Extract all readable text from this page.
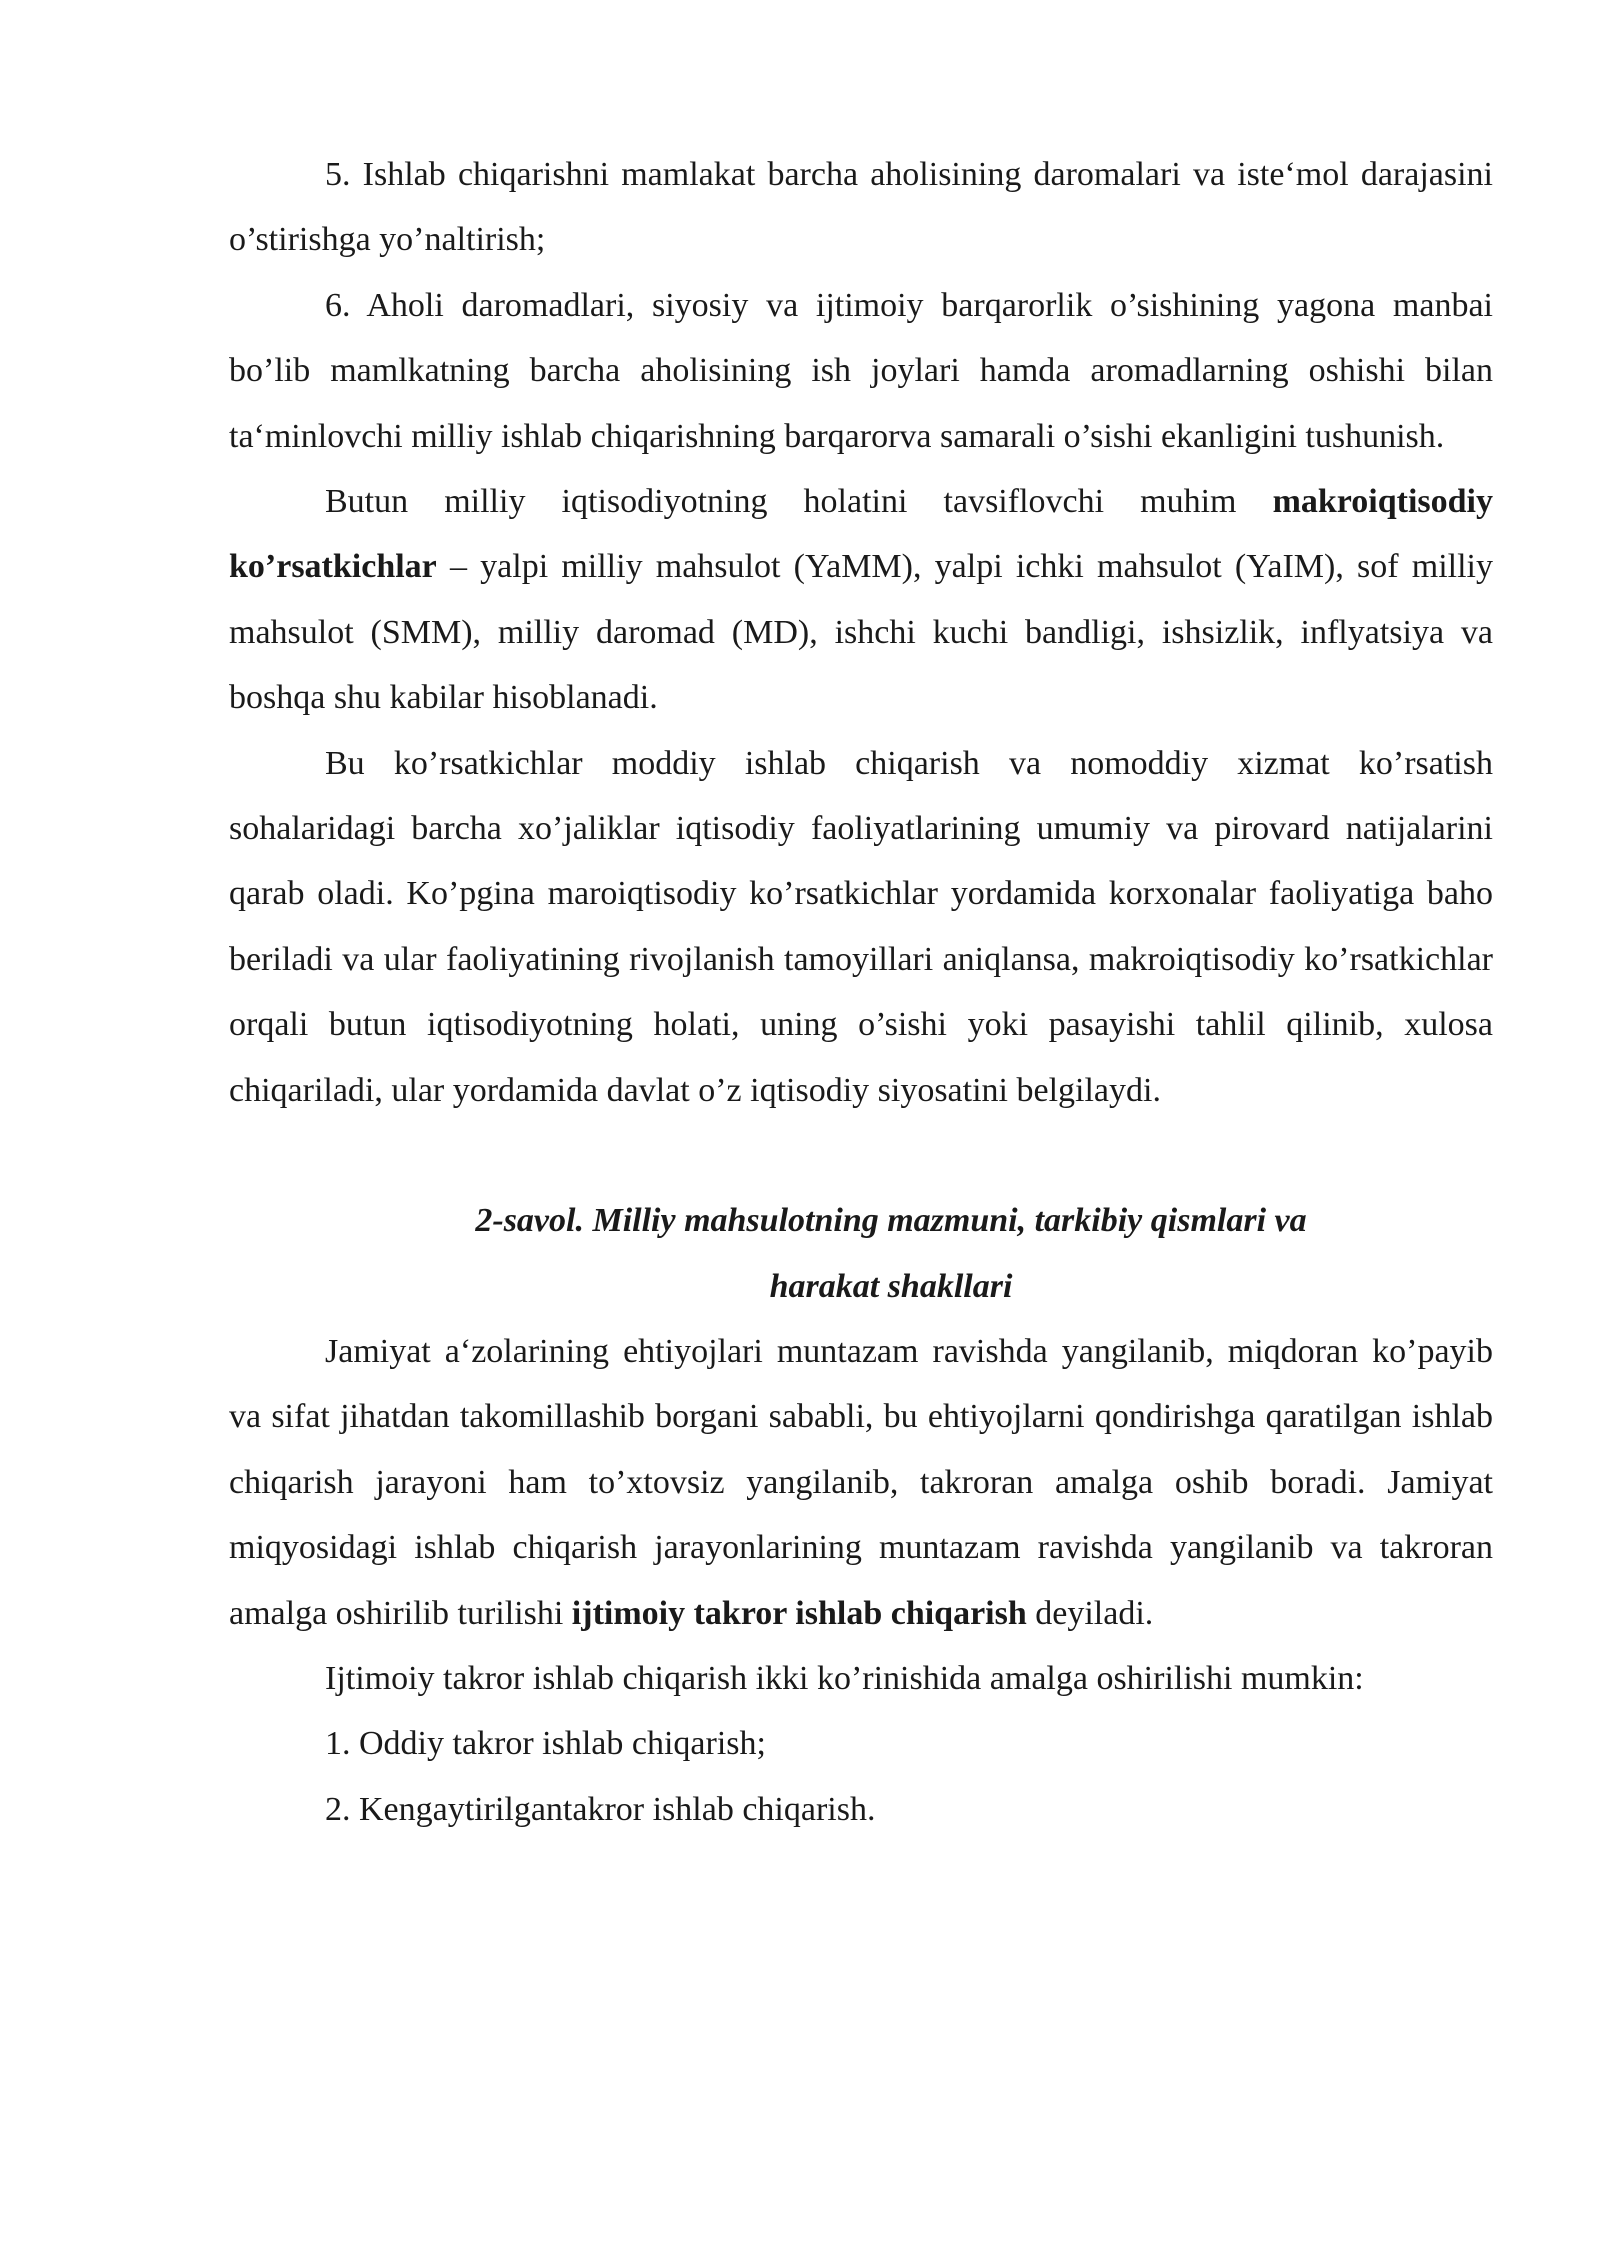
5. Ishlab chiqarishni mamlakat barcha aholisining daromalari va iste‘mol darajasini o’stirishga yo’naltirish;

6. Aholi daromadlari, siyosiy va ijtimoiy barqarorlik o’sishining yagona manbai bo’lib mamlkatning barcha aholisining ish joylari hamda aromadlarning oshishi bilan ta‘minlovchi milliy ishlab chiqarishning barqarorva samarali o’sishi ekanligini tushunish.

Butun milliy iqtisodiyotning holatini tavsiflovchi muhim makroiqtisodiy ko’rsatkichlar – yalpi milliy mahsulot (YaMM), yalpi ichki mahsulot (YaIM), sof milliy mahsulot (SMM), milliy daromad (MD), ishchi kuchi bandligi, ishsizlik, inflyatsiya va boshqa shu kabilar hisoblanadi.

Bu ko’rsatkichlar moddiy ishlab chiqarish va nomoddiy xizmat ko’rsatish sohalaridagi barcha xo’jaliklar iqtisodiy faoliyatlarining umumiy va pirovard natijalarini qarab oladi. Ko’pgina maroiqtisodiy ko’rsatkichlar yordamida korxonalar faoliyatiga baho beriladi va ular faoliyatining rivojlanish tamoyillari aniqlansa, makroiqtisodiy ko’rsatkichlar orqali butun iqtisodiyotning holati, uning o’sishi yoki pasayishi tahlil qilinib, xulosa chiqariladi, ular yordamida davlat o’z iqtisodiy siyosatini belgilaydi.

2-savol. Milliy mahsulotning mazmuni, tarkibiy qismlari va
harakat shakllari

Jamiyat a‘zolarining ehtiyojlari muntazam ravishda yangilanib, miqdoran ko’payib va sifat jihatdan takomillashib borgani sababli, bu ehtiyojlarni qondirishga qaratilgan ishlab chiqarish jarayoni ham to’xtovsiz yangilanib, takroran amalga oshib boradi. Jamiyat miqyosidagi ishlab chiqarish jarayonlarining muntazam ravishda yangilanib va takroran amalga oshirilib turilishi ijtimoiy takror ishlab chiqarish deyiladi.

Ijtimoiy takror ishlab chiqarish ikki ko’rinishida amalga oshirilishi mumkin:

1. Oddiy takror ishlab chiqarish;

2. Kengaytirilgantakror ishlab chiqarish.
